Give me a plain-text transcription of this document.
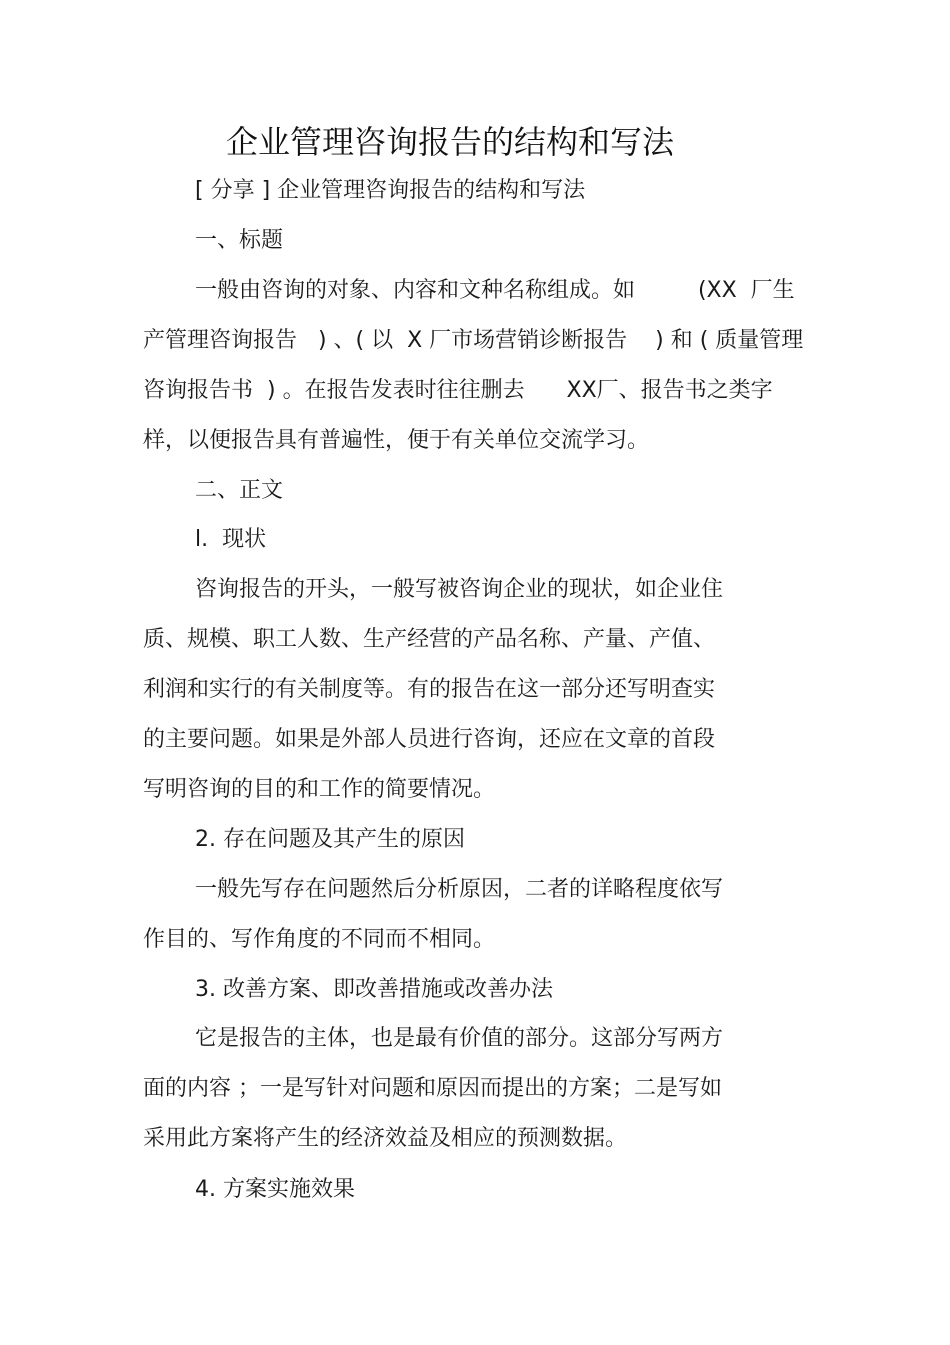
企业管理咨询报告的结构和写法

[ 分享 ] 企业管理咨询报告的结构和写法

一、标题

一般由咨询的对象、内容和文种名称组成。如         (XX  厂生

产管理咨询报告   ) 、( 以  X 厂市场营销诊断报告    ) 和 ( 质量管理

咨询报告书  ) 。在报告发表时往往删去      XX厂、报告书之类字

样，以便报告具有普遍性，便于有关单位交流学习。

二、正文

l.  现状

咨询报告的开头，一般写被咨询企业的现状，如企业住

质、规模、职工人数、生产经营的产品名称、产量、产值、

利润和实行的有关制度等。有的报告在这一部分还写明查实

的主要问题。如果是外部人员进行咨询，还应在文章的首段

写明咨询的目的和工作的简要情况。

2. 存在问题及其产生的原因

一般先写存在问题然后分析原因，二者的详略程度依写

作目的、写作角度的不同而不相同。

3. 改善方案、即改善措施或改善办法

它是报告的主体，也是最有价值的部分。这部分写两方

面的内容 ；一是写针对问题和原因而提出的方案；二是写如

采用此方案将产生的经济效益及相应的预测数据。

4. 方案实施效果
